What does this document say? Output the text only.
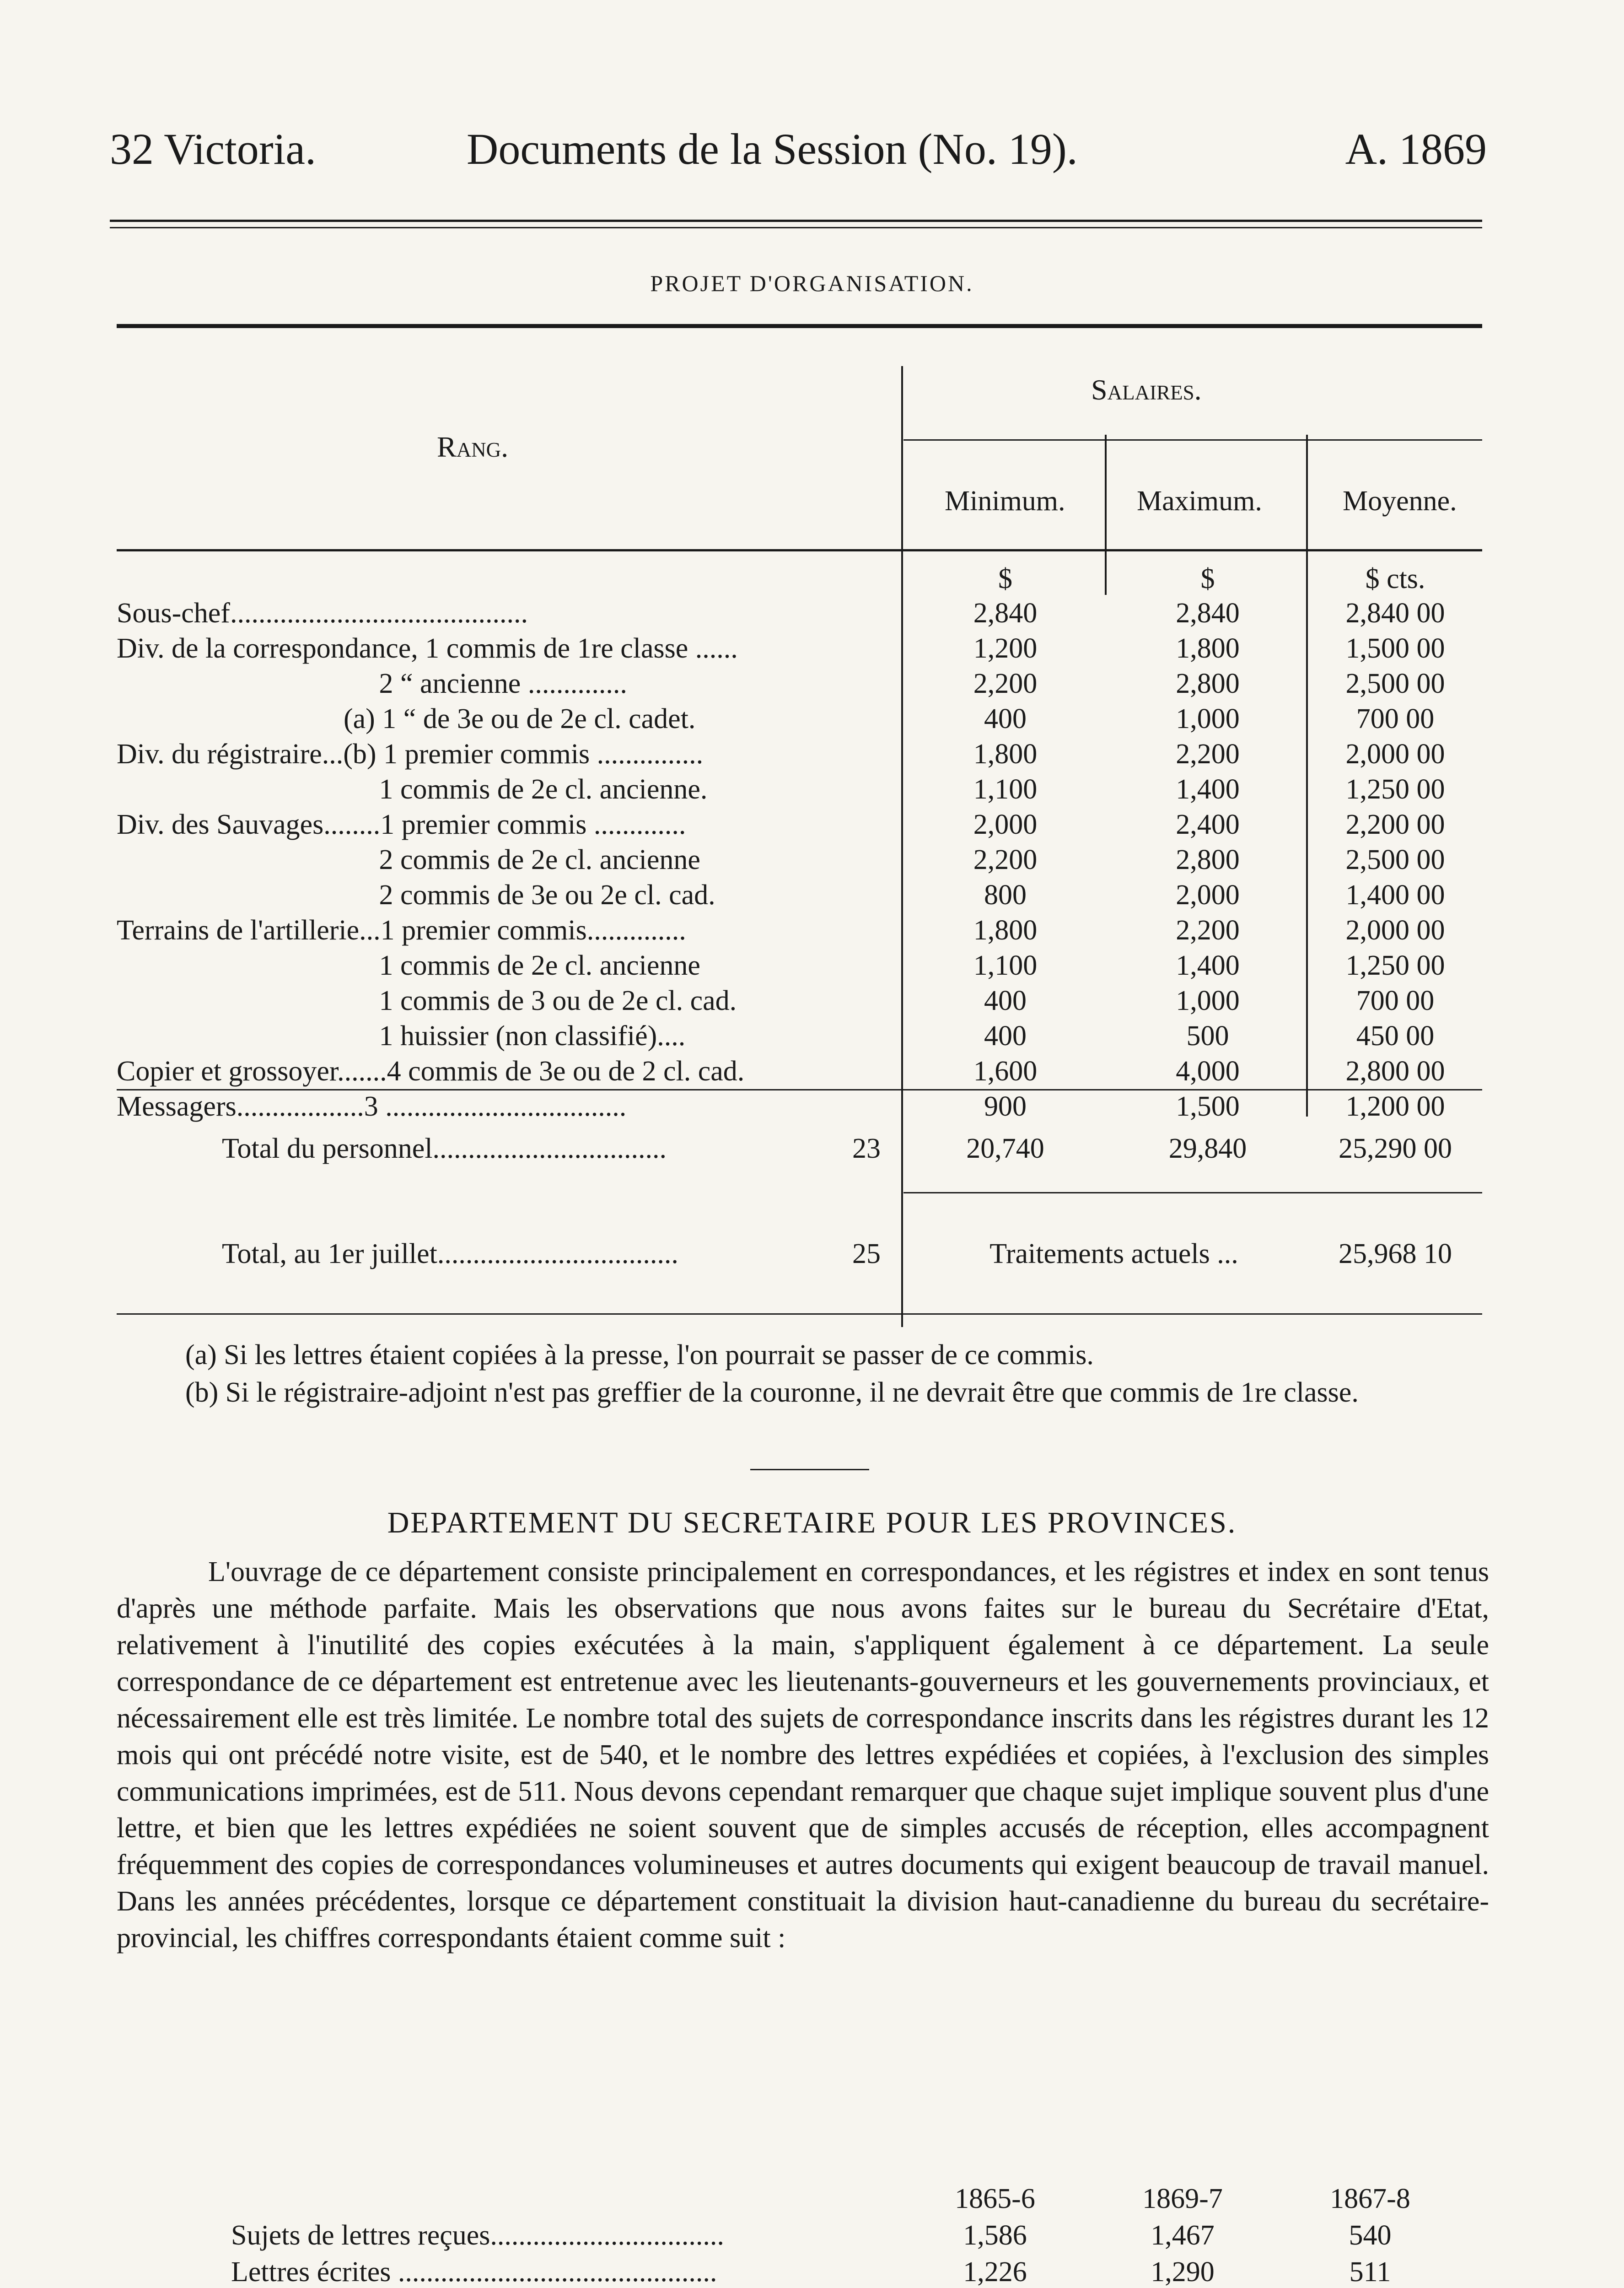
32 Victoria.	Documents de la Session (No. 19).	A. 1869
PROJET D'ORGANISATION.
Salaires.
Rang.
Minimum.	Maximum.	Moyenne.
$	$	$ cts.
Sous-chef..........................................	2,840	2,840	2,840 00
Div. de la correspondance, 1 commis de 1re classe ......	1,200	1,800	1,500 00
2 “ ancienne ..............	2,200	2,800	2,500 00
(a) 1 “ de 3e ou de 2e cl. cadet.	400	1,000	700 00
Div. du régistraire...(b) 1 premier commis ...............	1,800	2,200	2,000 00
1 commis de 2e cl. ancienne.	1,100	1,400	1,250 00
Div. des Sauvages........1 premier commis .............	2,000	2,400	2,200 00
2 commis de 2e cl. ancienne	2,200	2,800	2,500 00
2 commis de 3e ou 2e cl. cad.	800	2,000	1,400 00
Terrains de l'artillerie...1 premier commis..............	1,800	2,200	2,000 00
1 commis de 2e cl. ancienne	1,100	1,400	1,250 00
1 commis de 3 ou de 2e cl. cad.	400	1,000	700 00
1 huissier (non classifié)....	400	500	450 00
Copier et grossoyer.......4 commis de 3e ou de 2 cl. cad.	1,600	4,000	2,800 00
Messagers..................3 ..................................	900	1,500	1,200 00
Total du personnel.................................	23	20,740	29,840	25,290 00
Total, au 1er juillet..................................	25	Traitements actuels ...	25,968 10
(a) Si les lettres étaient copiées à la presse, l'on pourrait se passer de ce commis.
(b) Si le régistraire-adjoint n'est pas greffier de la couronne, il ne devrait être que commis de 1re classe.
DEPARTEMENT DU SECRETAIRE POUR LES PROVINCES.
L'ouvrage de ce département consiste principalement en correspondances, et les régistres et index en sont tenus d'après une méthode parfaite. Mais les observations que nous avons faites sur le bureau du Secrétaire d'Etat, relativement à l'inutilité des copies exécutées à la main, s'appliquent également à ce département. La seule correspondance de ce département est entretenue avec les lieutenants-gouverneurs et les gouvernements provinciaux, et nécessairement elle est très limitée. Le nombre total des sujets de correspondance inscrits dans les régistres durant les 12 mois qui ont précédé notre visite, est de 540, et le nombre des lettres expédiées et copiées, à l'exclusion des simples communications imprimées, est de 511. Nous devons cependant remarquer que chaque sujet implique souvent plus d'une lettre, et bien que les lettres expédiées ne soient souvent que de simples accusés de réception, elles accompagnent fréquemment des copies de correspondances volumineuses et autres documents qui exigent beaucoup de travail manuel. Dans les années précédentes, lorsque ce département constituait la division haut-canadienne du bureau du secrétaire-provincial, les chiffres correspondants étaient comme suit :
1865-6	1869-7	1867-8
Sujets de lettres reçues.................................	1,586	1,467	540
Lettres écrites .............................................	1,226	1,290	511
